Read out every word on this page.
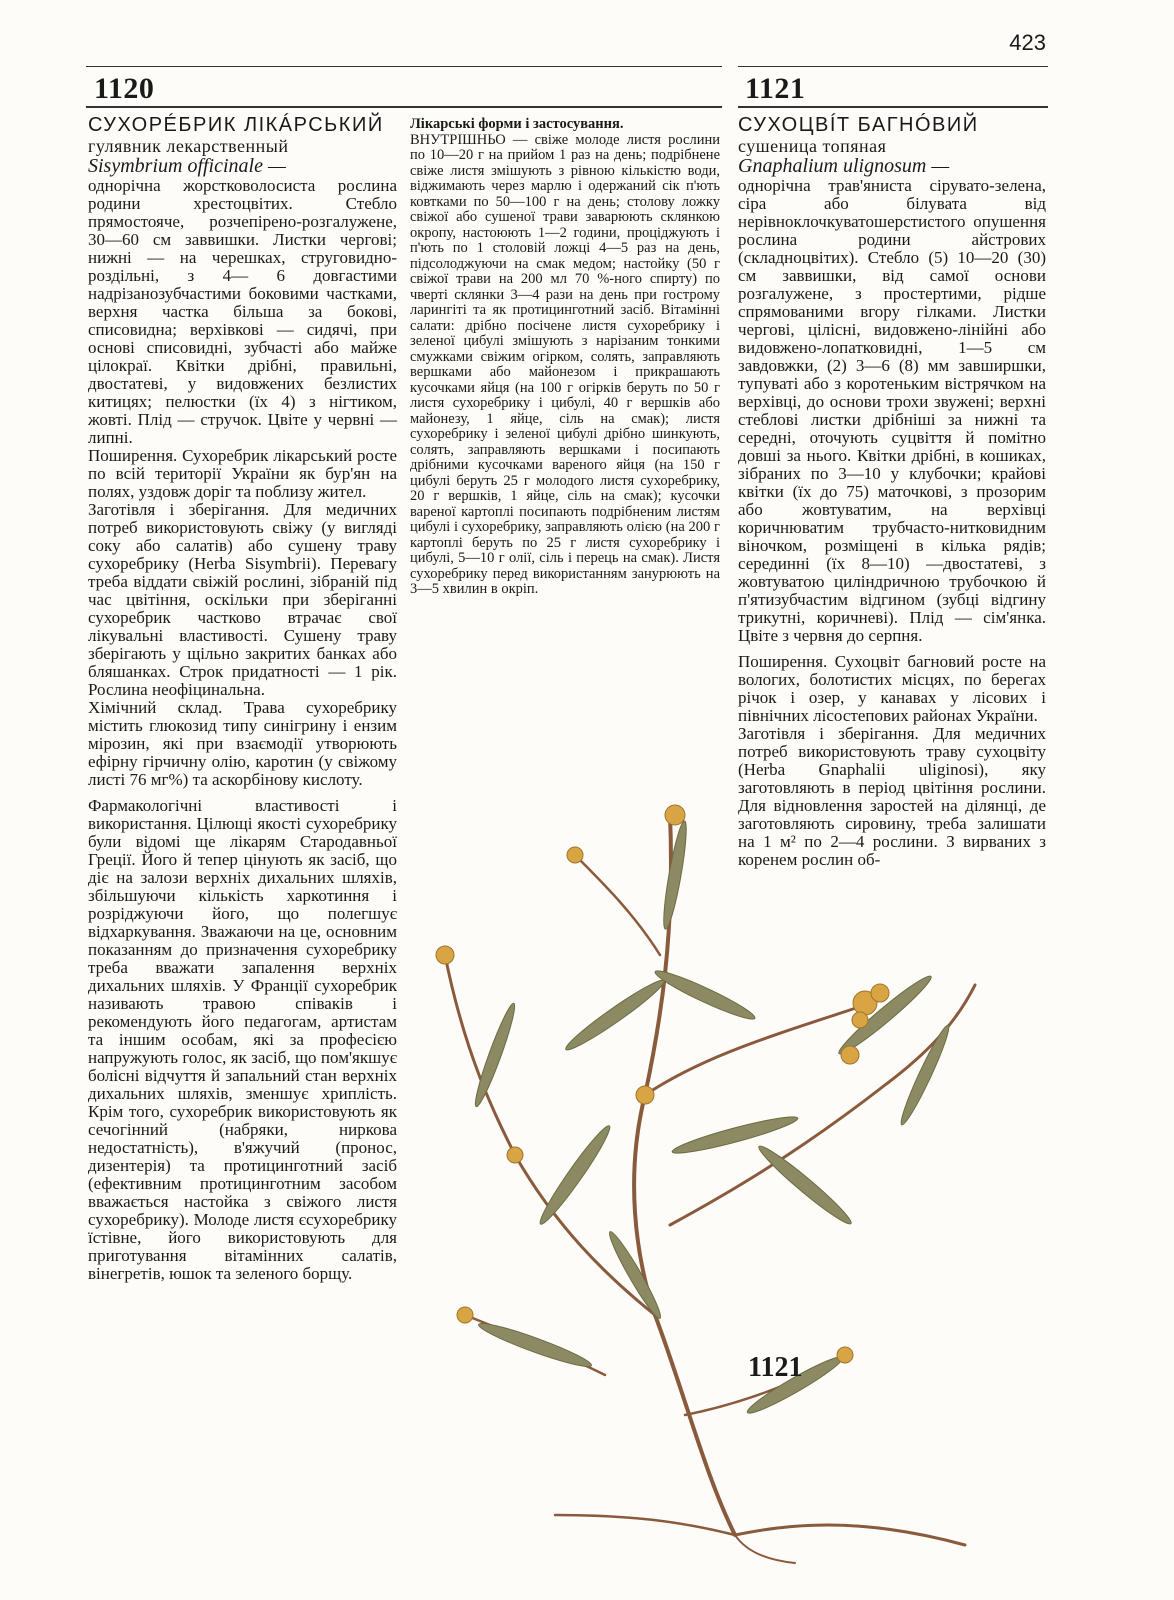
423
1120	1121

СУХОРÉБРИК ЛІКÁРСЬКИЙ

гулявник лекарственный

Sisymbrium officinale —

однорічна жорстковолосиста рослина родини хрестоцвітих. Стебло прямостояче, розчепірено-розгалужене, 30—60 см заввишки. Листки чергові; нижні — на черешках, струговидно-роздільні, з 4— 6 довгастими надрізанозубчастими боковими частками, верхня частка більша за бокові, списовидна; верхівкові — сидячі, при основі списовидні, зубчасті або майже цілокраї. Квітки дрібні, правильні, двостатеві, у видовжених безлистих китицях; пелюстки (їх 4) з нігтиком, жовті. Плід — стручок. Цвіте у червні — липні.

Поширення. Сухоребрик лікарський росте по всій території України як бур'ян на полях, уздовж доріг та поблизу жител.

Заготівля і зберігання. Для медичних потреб використовують свіжу (у вигляді соку або салатів) або сушену траву сухоребрику (Herba Sisymbrii). Перевагу треба віддати свіжій рослині, зібраній під час цвітіння, оскільки при зберіганні сухоребрик частково втрачає свої лікувальні властивості. Сушену траву зберігають у щільно закритих банках або бляшанках. Строк придатності — 1 рік. Рослина неофіцинальна.

Хімічний склад. Трава сухоребрику містить глюкозид типу синігрину і ензим мірозин, які при взаємодії утворюють ефірну гірчичну олію, каротин (у свіжому листі 76 мг%) та аскорбінову кислоту.

Фармакологічні властивості і використання. Цілющі якості сухоребрику були відомі ще лікарям Стародавньої Греції. Його й тепер цінують як засіб, що діє на залози верхніх дихальних шляхів, збільшуючи кількість харкотиння і розріджуючи його, що полегшує відхаркування. Зважаючи на це, основним показанням до призначення сухоребрику треба вважати запалення верхніх дихальних шляхів. У Франції сухоребрик називають травою співаків і рекомендують його педагогам, артистам та іншим особам, які за професією напружують голос, як засіб, що пом'якшує болісні відчуття й запальний стан верхніх дихальних шляхів, зменшує хрипліcть. Крім того, сухоребрик використовують як сечогінний (набряки, ниркова недостатність), в'яжучий (пронос, дизентерія) та протицинготний засіб (ефективним протицинготним засобом вважається настойка з свіжого листя сухоребрику). Молоде листя єсухоребрику їстівне, його використовують для приготування вітамінних салатів, вінегретів, юшок та зеленого борщу.

Лікарські форми і застосування.

ВНУТРІШНЬО — свіже молоде листя рослини по 10—20 г на прийом 1 раз на день; подрібнене свіже листя змішують з рівною кількістю води, віджимають через марлю і одержаний сік п'ють ковтками по 50—100 г на день; столову ложку свіжої або сушеної трави заварюють склянкою окропу, настоюють 1—2 години, проціджують і п'ють по 1 столовій ложці 4—5 раз на день, підсолоджуючи на смак медом; настойку (50 г свіжої трави на 200 мл 70 %-ного спирту) по чверті склянки 3—4 рази на день при гострому ларингіті та як протицинготний засіб. Вітамінні салати: дрібно посічене листя сухоребрику і зеленої цибулі змішують з нарізаним тонкими смужками свіжим огірком, солять, заправляють вершками або майонезом і прикрашають кусочками яйця (на 100 г огірків беруть по 50 г листя сухоребрику і цибулі, 40 г вершків або майонезу, 1 яйце, сіль на смак); листя сухоребрику і зеленої цибулі дрібно шинкують, солять, заправляють вершками і посипають дрібними кусочками вареного яйця (на 150 г цибулі беруть 25 г молодого листя сухоребрику, 20 г вершків, 1 яйце, сіль на смак); кусочки вареної картоплі посипають подрібненим листям цибулі і сухоребрику, заправляють олією (на 200 г картоплі беруть по 25 г листя сухоребрику і цибулі, 5—10 г олії, сіль і перець на смак). Листя сухоребрику перед використанням занурюють на 3—5 хвилин в окріп.

СУХОЦВÍТ БАГНÓВИЙ

сушеница топяная

Gnaphalium ulignosum —

однорічна трав'яниста сірувато-зелена, сіра або білувата від нерівноклочкуватошерстистого опушення рослина родини айстрових (складноцвітих). Стебло (5) 10—20 (30) см заввишки, від самої основи розгалужене, з простертими, рідше спрямованими вгору гілками. Листки чергові, цілісні, видовжено-лінійні або видовжено-лопатковидні, 1—5 см завдовжки, (2) 3—6 (8) мм завширшки, тупуваті або з коротеньким вістрячком на верхівці, до основи трохи звужені; верхні стеблові листки дрібніші за нижні та середні, оточують суцвіття й помітно довші за нього. Квітки дрібні, в кошиках, зібраних по 3—10 у клубочки; крайові квітки (їх до 75) маточкові, з прозорим або жовтуватим, на верхівці коричнюватим трубчасто-нитковидним віночком, розміщені в кілька рядів; серединні (їх 8—10) —двостатеві, з жовтуватою циліндричною трубочкою й п'ятизубчастим відгином (зубці відгину трикутні, коричневі). Плід — сім'янка. Цвіте з червня до серпня.

Поширення. Сухоцвіт багновий росте на вологих, болотистих місцях, по берегах річок і озер, у канавах у лісових і північних лісостепових районах України.

Заготівля і зберігання. Для медичних потреб використовують траву сухоцвіту (Herba Gnaphalii uliginosi), яку заготовляють в період цвітіння рослини. Для відновлення заростей на ділянці, де заготовляють сировину, треба залишати на 1 м² по 2—4 рослини. З вирваних з коренем рослин об-

1121
